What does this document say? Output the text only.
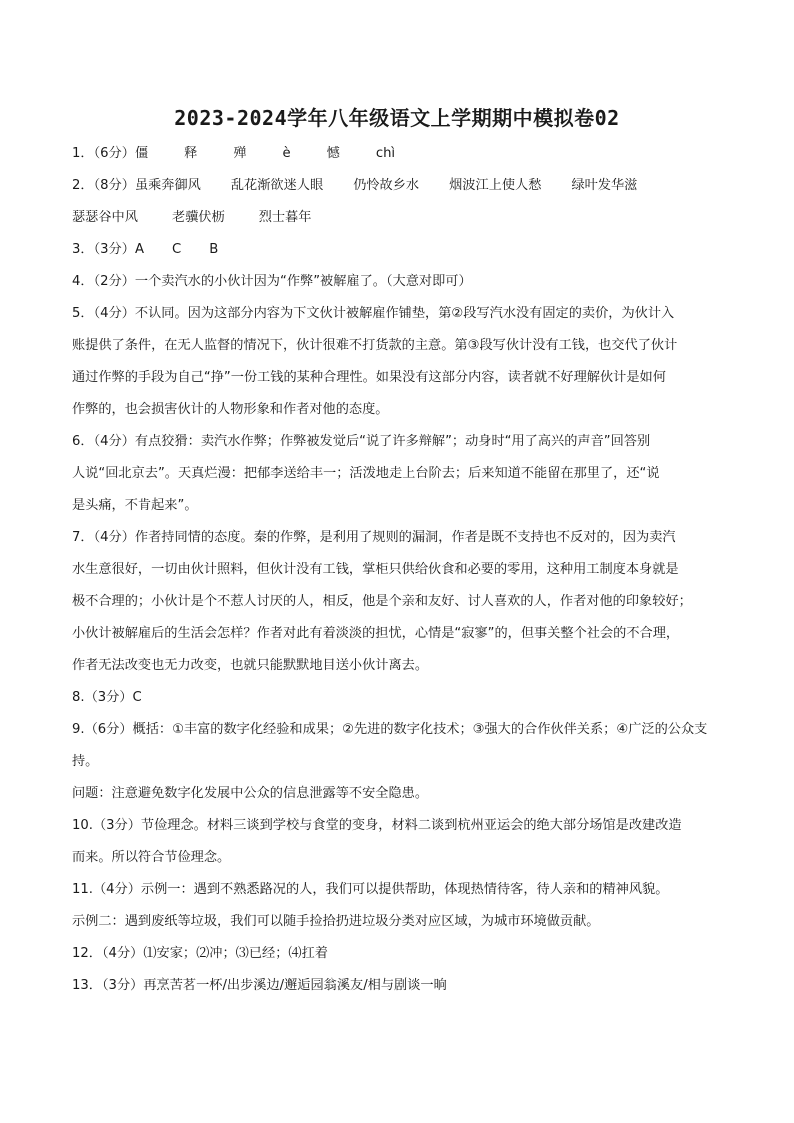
2023-2024学年八年级语文上学期期中模拟卷02
1．（6分） 僵	释	殚	è	憾	chì
2．（8分） 虽乘奔御风 乱花渐欲迷人眼 仍怜故乡水 烟波江上使人愁 绿叶发华滋
瑟瑟谷中风	老骥伏枥	烈士暮年
3．（3分） A C B
4．（2分）一个卖汽水的小伙计因为“作弊”被解雇了。（大意对即可）
5．（4分）不认同。因为这部分内容为下文伙计被解雇作铺垫，第②段写汽水没有固定的卖价，为伙计入
账提供了条件，在无人监督的情况下，伙计很难不打货款的主意。第③段写伙计没有工钱，也交代了伙计
通过作弊的手段为自己“挣”一份工钱的某种合理性。如果没有这部分内容，读者就不好理解伙计是如何
作弊的，也会损害伙计的人物形象和作者对他的态度。
6．（4分）有点狡猾：卖汽水作弊；作弊被发觉后“说了许多辩解”；动身时“用了高兴的声音”回答别
人说“回北京去”。天真烂漫：把郁李送给丰一；活泼地走上台阶去；后来知道不能留在那里了，还“说
是头痛，不肯起来”。
7．（4分）作者持同情的态度。秦的作弊，是利用了规则的漏洞，作者是既不支持也不反对的，因为卖汽
水生意很好，一切由伙计照料，但伙计没有工钱，掌柜只供给伙食和必要的零用，这种用工制度本身就是
极不合理的；小伙计是个不惹人讨厌的人，相反，他是个亲和友好、讨人喜欢的人，作者对他的印象较好；
小伙计被解雇后的生活会怎样？作者对此有着淡淡的担忧，心情是“寂寥”的，但事关整个社会的不合理，
作者无法改变也无力改变，也就只能默默地目送小伙计离去。
8.（3分）C
9.（6分）概括：①丰富的数字化经验和成果；②先进的数字化技术；③强大的合作伙伴关系；④广泛的公众支
持。
问题：注意避免数字化发展中公众的信息泄露等不安全隐患。
10.（3分）节俭理念。材料三谈到学校与食堂的变身，材料二谈到杭州亚运会的绝大部分场馆是改建改造
而来。所以符合节俭理念。
11.（4分）示例一：遇到不熟悉路况的人，我们可以提供帮助，体现热情待客，待人亲和的精神风貌。
示例二：遇到废纸等垃圾，我们可以随手捡拾扔进垃圾分类对应区域，为城市环境做贡献。
12．（4分）⑴安家；⑵冲；⑶已经；⑷扛着
13．（3分）再烹苦茗一杯/出步溪边/邂逅园翁溪友/相与剧谈一晌
